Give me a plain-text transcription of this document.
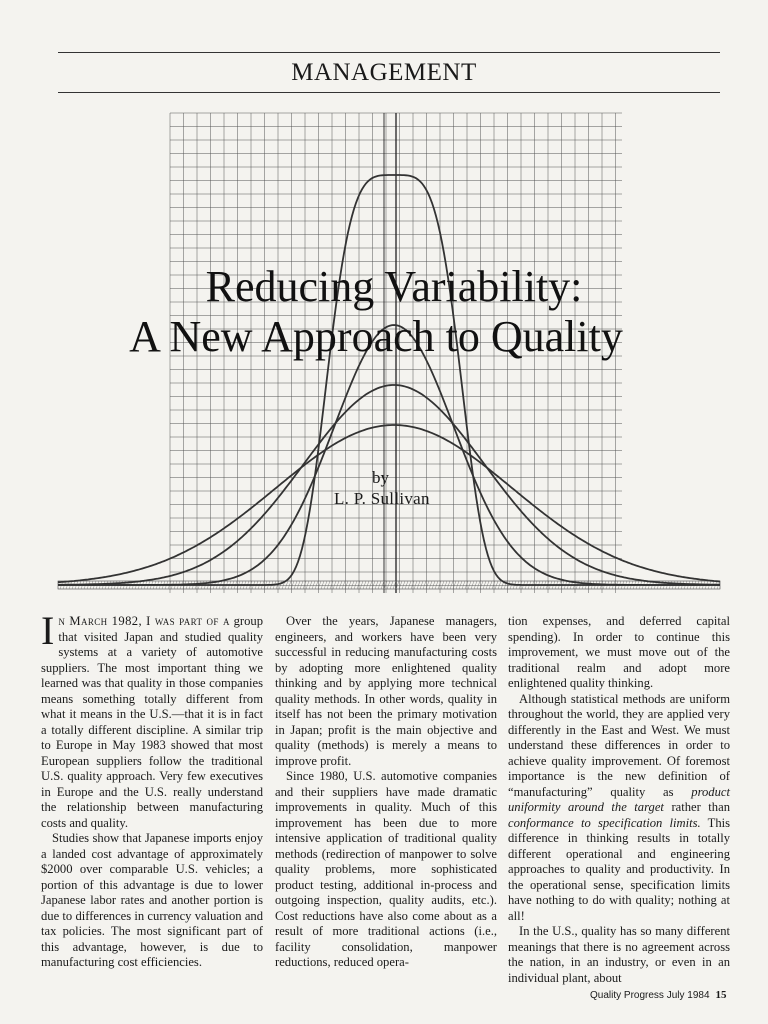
MANAGEMENT
Reducing Variability:
A New Approach to Quality
by
L. P. Sullivan

In March 1982, I was part of a group that visited Japan and studied quality systems at a variety of automotive suppliers. The most important thing we learned was that quality in those companies means something totally different from what it means in the U.S.—that it is in fact a totally different discipline. A similar trip to Europe in May 1983 showed that most European suppliers follow the traditional U.S. quality approach. Very few executives in Europe and the U.S. really understand the relationship between manufacturing costs and quality.

Studies show that Japanese imports enjoy a landed cost advantage of approximately $2000 over comparable U.S. vehicles; a portion of this advantage is due to lower Japanese labor rates and another portion is due to differences in currency valuation and tax policies. The most significant part of this advantage, however, is due to manufacturing cost efficiencies.

Over the years, Japanese managers, engineers, and workers have been very successful in reducing manufacturing costs by adopting more enlightened quality thinking and by applying more technical quality methods. In other words, quality in itself has not been the primary motivation in Japan; profit is the main objective and quality (methods) is merely a means to improve profit.

Since 1980, U.S. automotive companies and their suppliers have made dramatic improvements in quality. Much of this improvement has been due to more intensive application of traditional quality methods (redirection of manpower to solve quality problems, more sophisticated product testing, additional in-process and outgoing inspection, quality audits, etc.). Cost reductions have also come about as a result of more traditional actions (i.e., facility consolidation, manpower reductions, reduced opera-

tion expenses, and deferred capital spending). In order to continue this improvement, we must move out of the traditional realm and adopt more enlightened quality thinking.

Although statistical methods are uniform throughout the world, they are applied very differently in the East and West. We must understand these differences in order to achieve quality improvement. Of foremost importance is the new definition of “manufacturing” quality as product uniformity around the target rather than conformance to specification limits. This difference in thinking results in totally different operational and engineering approaches to quality and productivity. In the operational sense, specification limits have nothing to do with quality; nothing at all!

In the U.S., quality has so many different meanings that there is no agreement across the nation, in an industry, or even in an individual plant, about

Quality Progress July 1984 15
